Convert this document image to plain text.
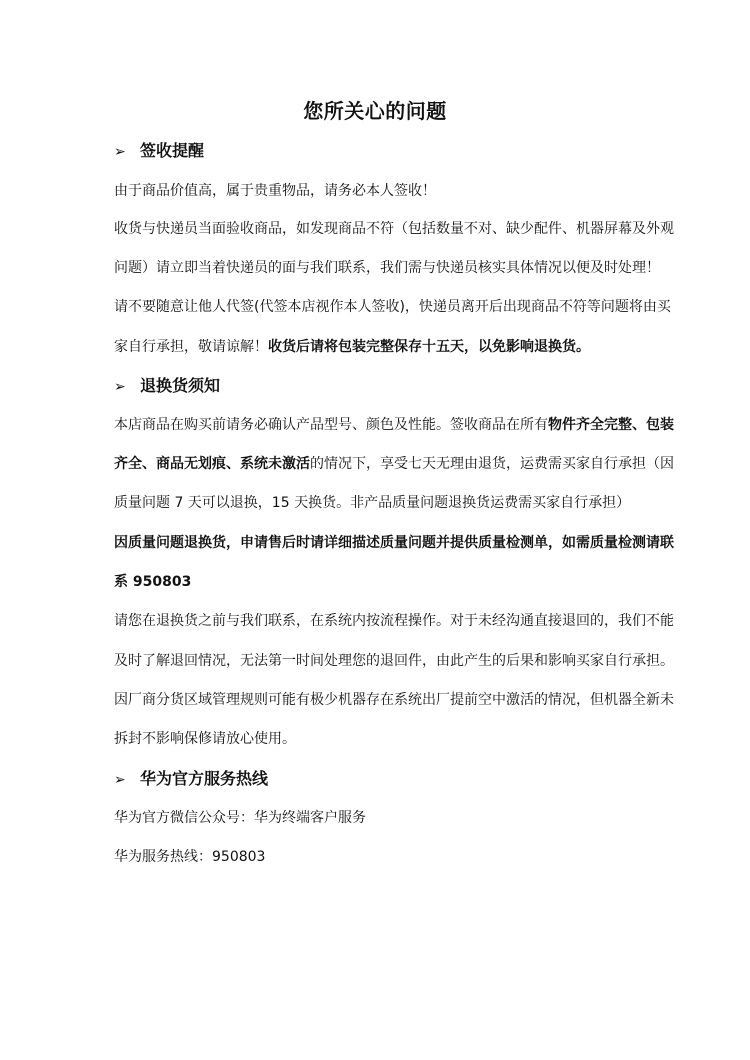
您所关心的问题
➢ 签收提醒
由于商品价值高，属于贵重物品，请务必本人签收！
收货与快递员当面验收商品，如发现商品不符（包括数量不对、缺少配件、机器屏幕及外观
问题）请立即当着快递员的面与我们联系，我们需与快递员核实具体情况以便及时处理！
请不要随意让他人代签(代签本店视作本人签收)，快递员离开后出现商品不符等问题将由买
家自行承担，敬请谅解！收货后请将包装完整保存十五天，以免影响退换货。
➢ 退换货须知
本店商品在购买前请务必确认产品型号、颜色及性能。签收商品在所有物件齐全完整、包装
齐全、商品无划痕、系统未激活的情况下，享受七天无理由退货，运费需买家自行承担（因
质量问题 7 天可以退换，15 天换货。非产品质量问题退换货运费需买家自行承担）
因质量问题退换货，申请售后时请详细描述质量问题并提供质量检测单，如需质量检测请联
系 950803
请您在退换货之前与我们联系，在系统内按流程操作。对于未经沟通直接退回的，我们不能
及时了解退回情况，无法第一时间处理您的退回件，由此产生的后果和影响买家自行承担。
因厂商分货区域管理规则可能有极少机器存在系统出厂提前空中激活的情况，但机器全新未
拆封不影响保修请放心使用。
➢ 华为官方服务热线
华为官方微信公众号：华为终端客户服务
华为服务热线：950803
